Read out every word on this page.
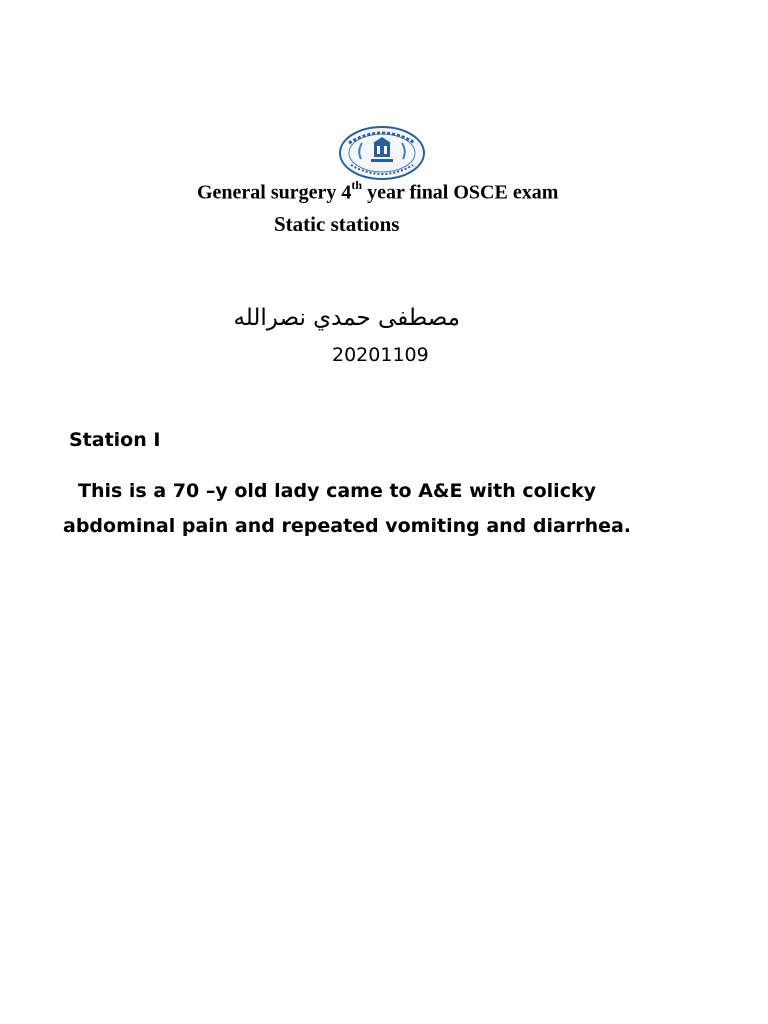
General surgery 4th year final OSCE exam
Static stations
مصطفى حمدي نصرالله
20201109
Station I
This is a 70 –y old lady came to A&E with colicky
abdominal pain and repeated vomiting and diarrhea.
